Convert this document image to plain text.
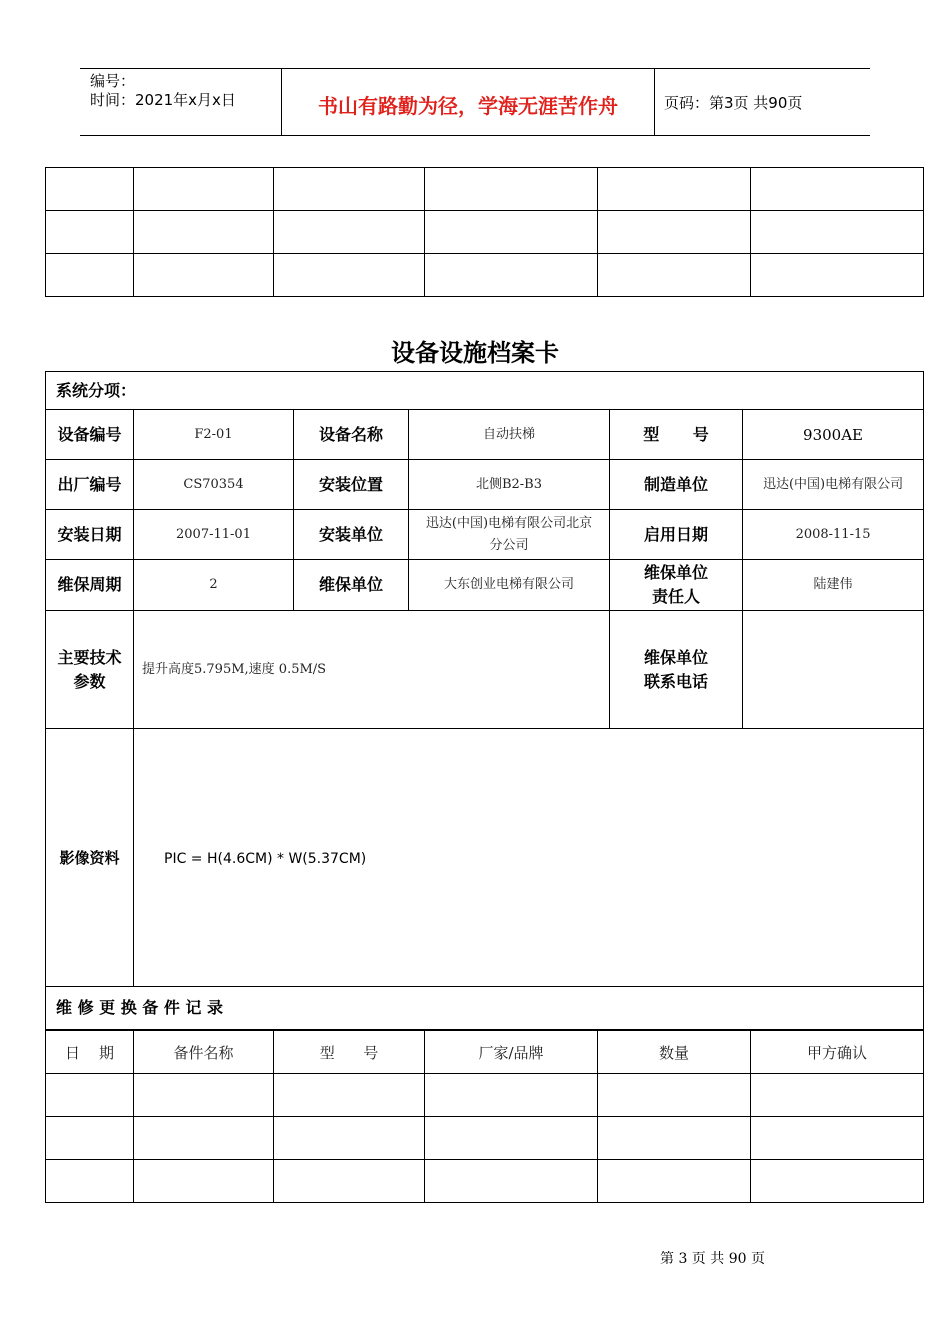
编号：
时间：2021年x月x日	书山有路勤为径，学海无涯苦作舟	页码：第3页 共90页

设备设施档案卡
系统分项：					
设备编号	F2-01	设备名称	自动扶梯	型      号	9300AE
出厂编号	CS70354	安装位置	北侧B2-B3	制造单位	迅达(中国)电梯有限公司
安装日期	2007-11-01	安装单位	迅达(中国)电梯有限公司北京分公司	启用日期	2008-11-15
维保周期	2	维保单位	大东创业电梯有限公司	维保单位责任人	陆建伟
主要技术参数	提升高度5.795M,速度 0.5M/S			维保单位联系电话	
影像资料	PIC = H(4.6CM) * W(5.37CM)				
维 修 更 换 备 件 记 录					
日    期	备件名称	型      号	厂家/品牌	数量	甲方确认

第 3 页 共 90 页
